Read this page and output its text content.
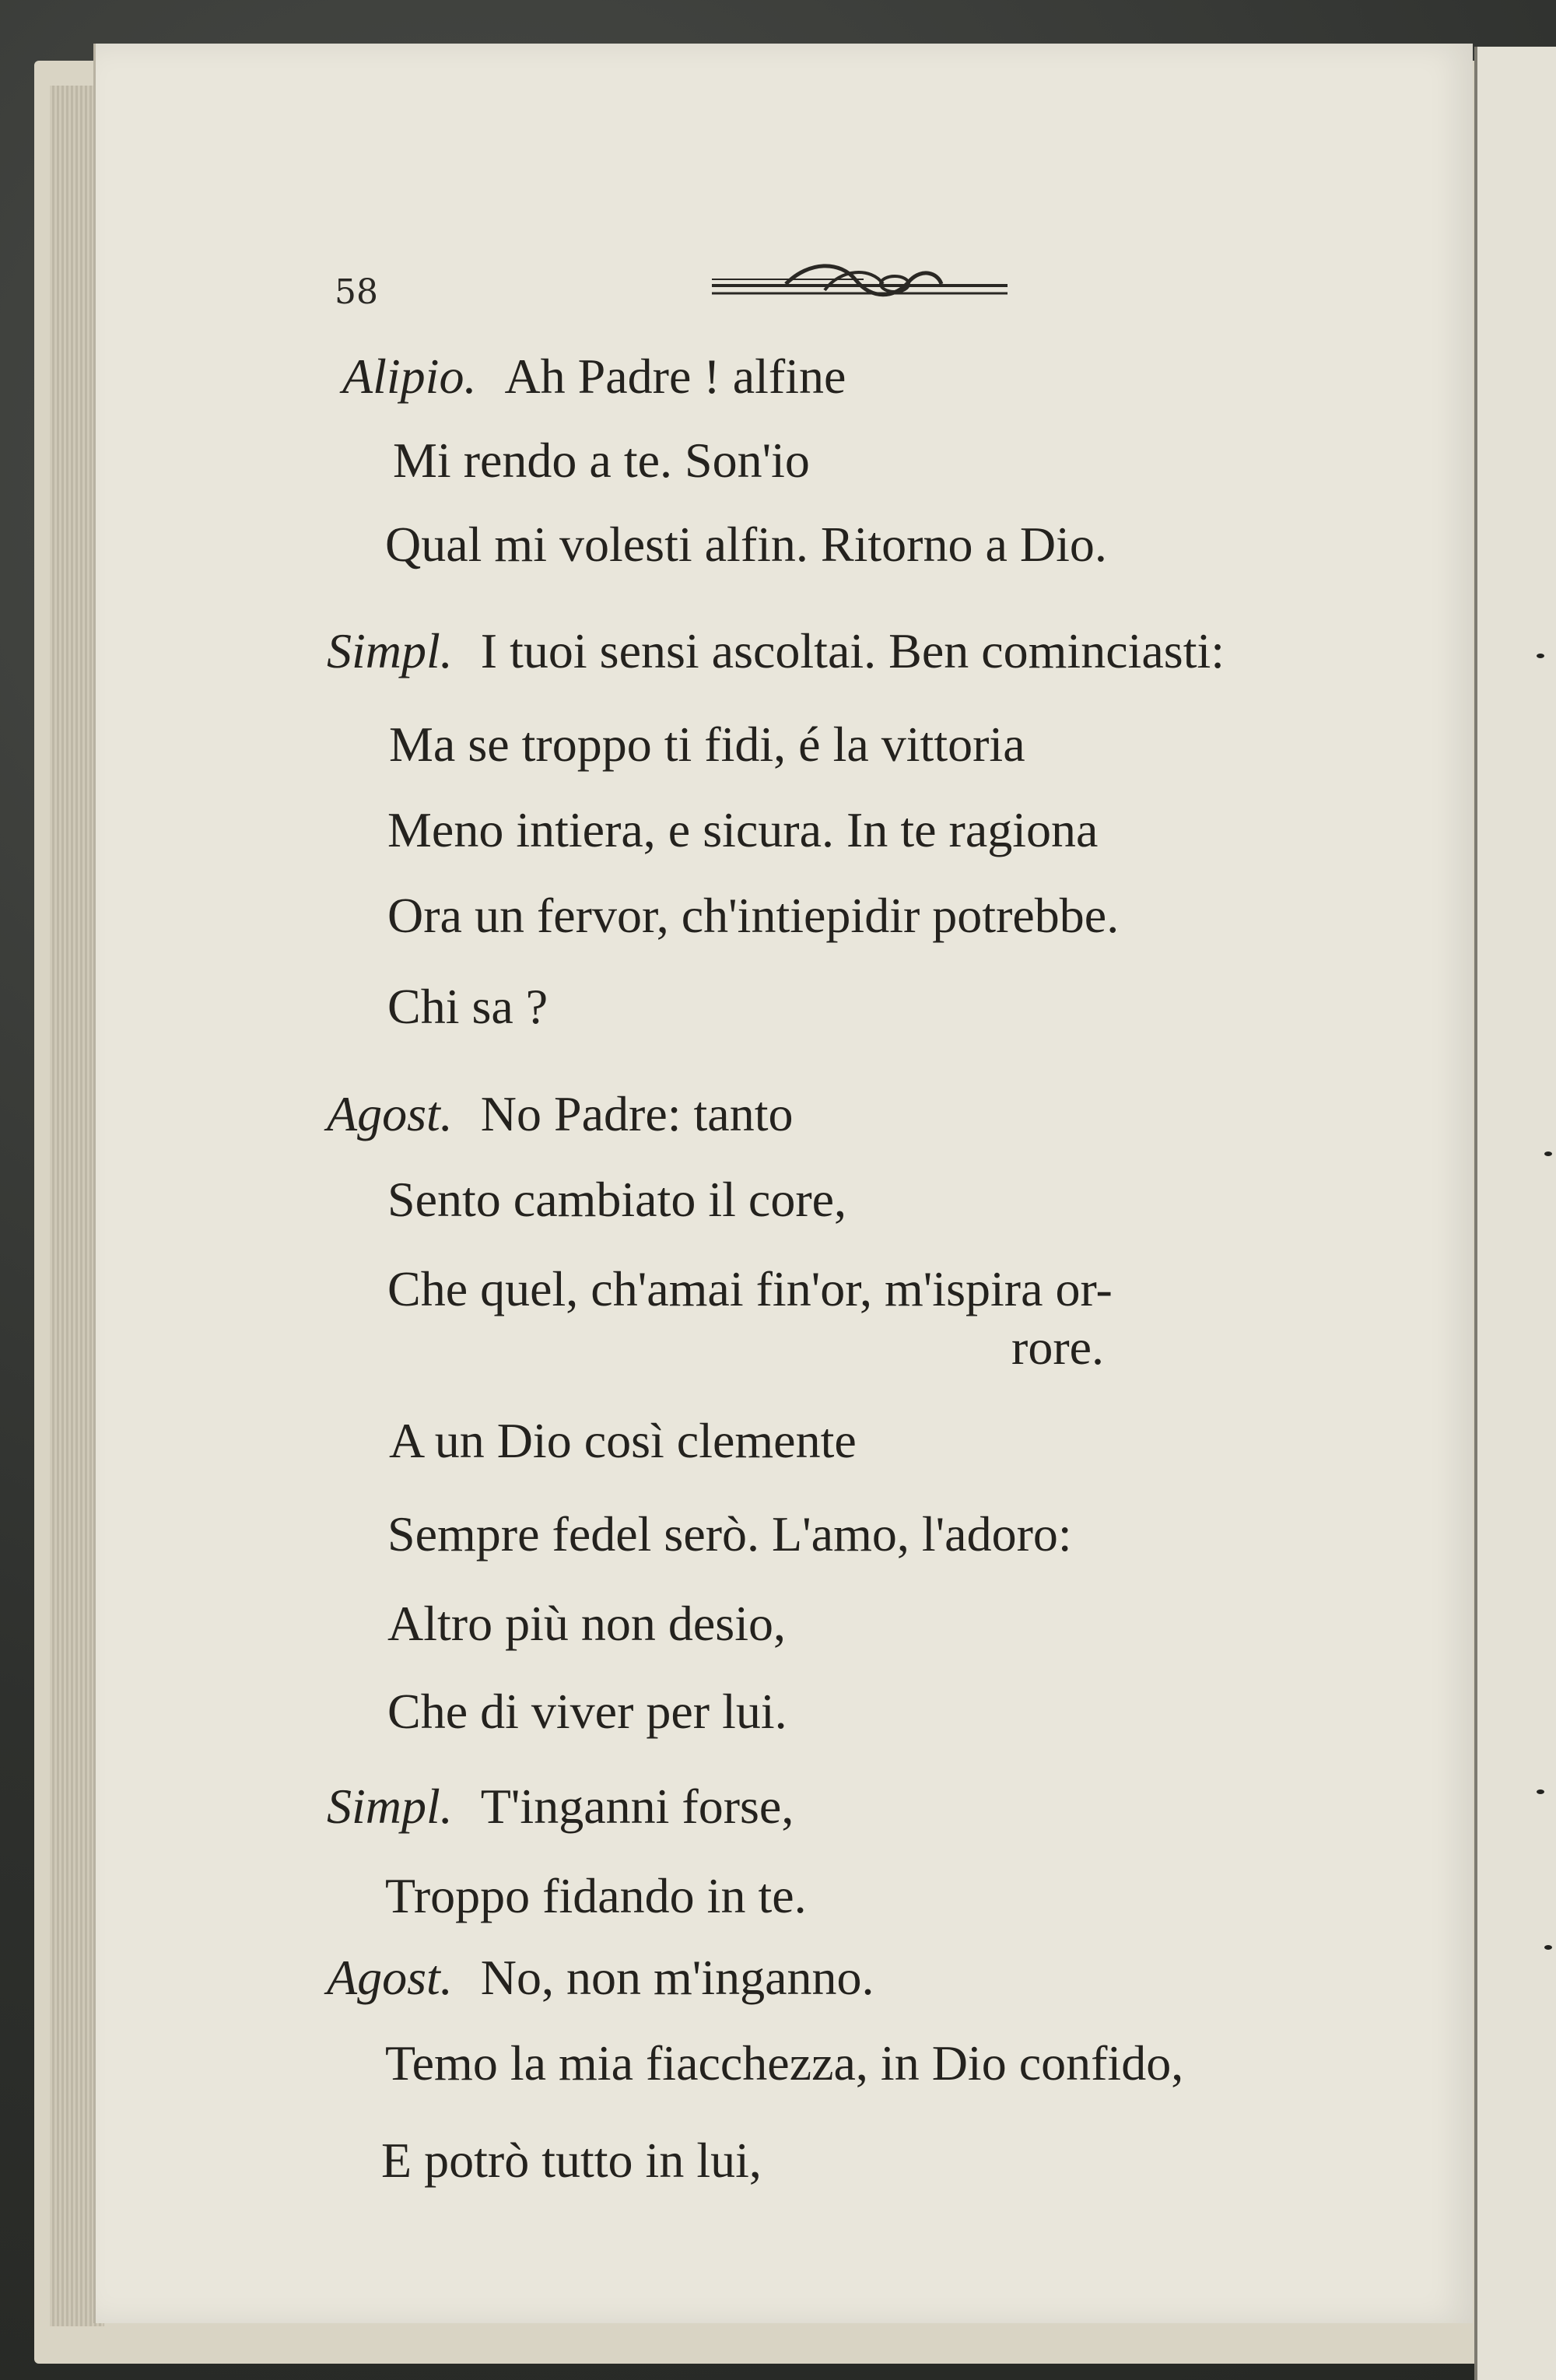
58
Alipio. Ah Padre ! alfine
Mi rendo a te. Son'io
Qual mi volesti alfin. Ritorno a Dio.
Simpl. I tuoi sensi ascoltai. Ben cominciasti:
Ma se troppo ti fidi, é la vittoria
Meno intiera, e sicura. In te ragiona
Ora un fervor, ch'intiepidir potrebbe.
Chi sa ?
Agost. No Padre: tanto
Sento cambiato il core,
Che quel, ch'amai fin'or, m'ispira or-
rore.
A un Dio così clemente
Sempre fedel serò. L'amo, l'adoro:
Altro più non desio,
Che di viver per lui.
Simpl. T'inganni forse,
Troppo fidando in te.
Agost. No, non m'inganno.
Temo la mia fiacchezza, in Dio confido,
E potrò tutto in lui,
